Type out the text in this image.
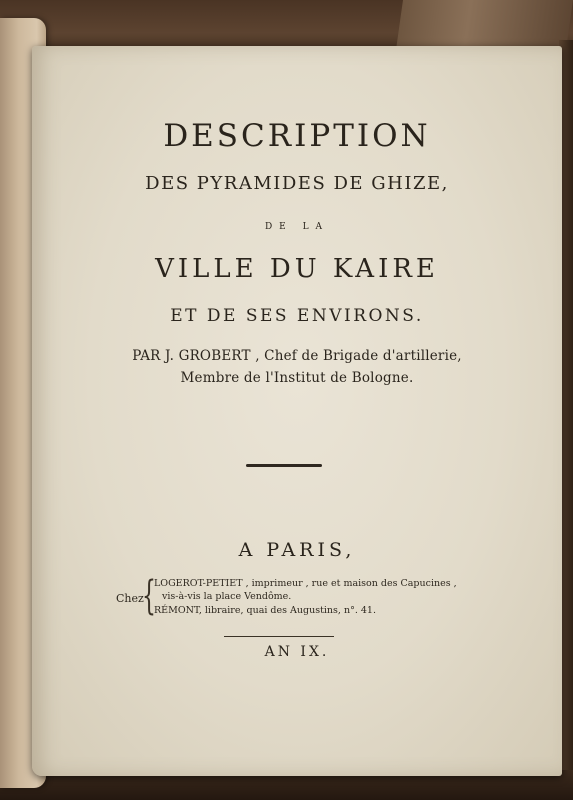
DESCRIPTION
DES PYRAMIDES DE GHIZE,
DE LA
VILLE DU KAIRE
ET DE SES ENVIRONS.
PAR J. GROBERT , Chef de Brigade d'artillerie,
Membre de l'Institut de Bologne.
A PARIS,
Chez
{
LOGEROT-PETIET , imprimeur , rue et maison des Capucines ,
vis-à-vis la place Vendôme.
RÉMONT, libraire, quai des Augustins, n°. 41.
AN IX.
